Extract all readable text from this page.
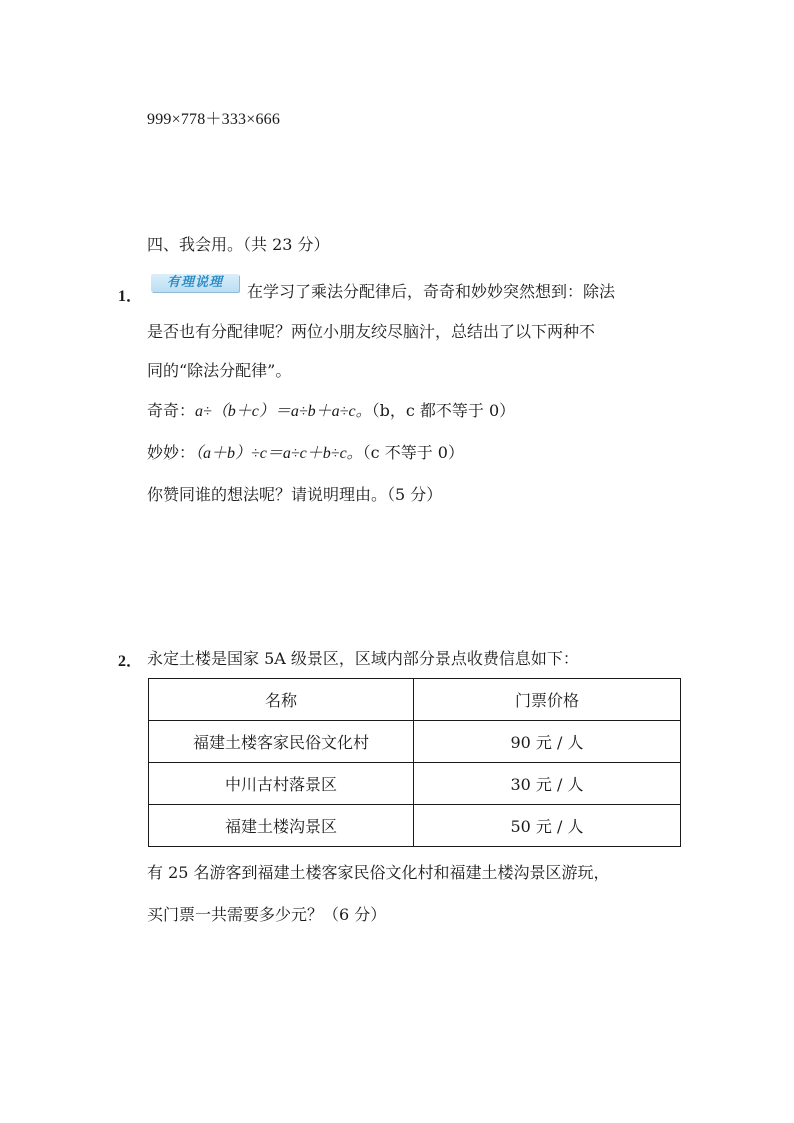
999×778＋333×666
四、我会用。（共 23 分）
1．
有理说理	在学习了乘法分配律后，奇奇和妙妙突然想到：除法
是否也有分配律呢？两位小朋友绞尽脑汁，总结出了以下两种不
同的“除法分配律”。
奇奇：a÷（b＋c）＝a÷b＋a÷c。（b，c 都不等于 0）
妙妙：（a＋b）÷c＝a÷c＋b÷c。（c 不等于 0）
你赞同谁的想法呢？请说明理由。（5 分）
2． 永定土楼是国家 5A 级景区，区域内部分景点收费信息如下：
名称	门票价格
福建土楼客家民俗文化村	90 元 / 人
中川古村落景区	30 元 / 人
福建土楼沟景区	50 元 / 人
有 25 名游客到福建土楼客家民俗文化村和福建土楼沟景区游玩，
买门票一共需要多少元？（6 分）
